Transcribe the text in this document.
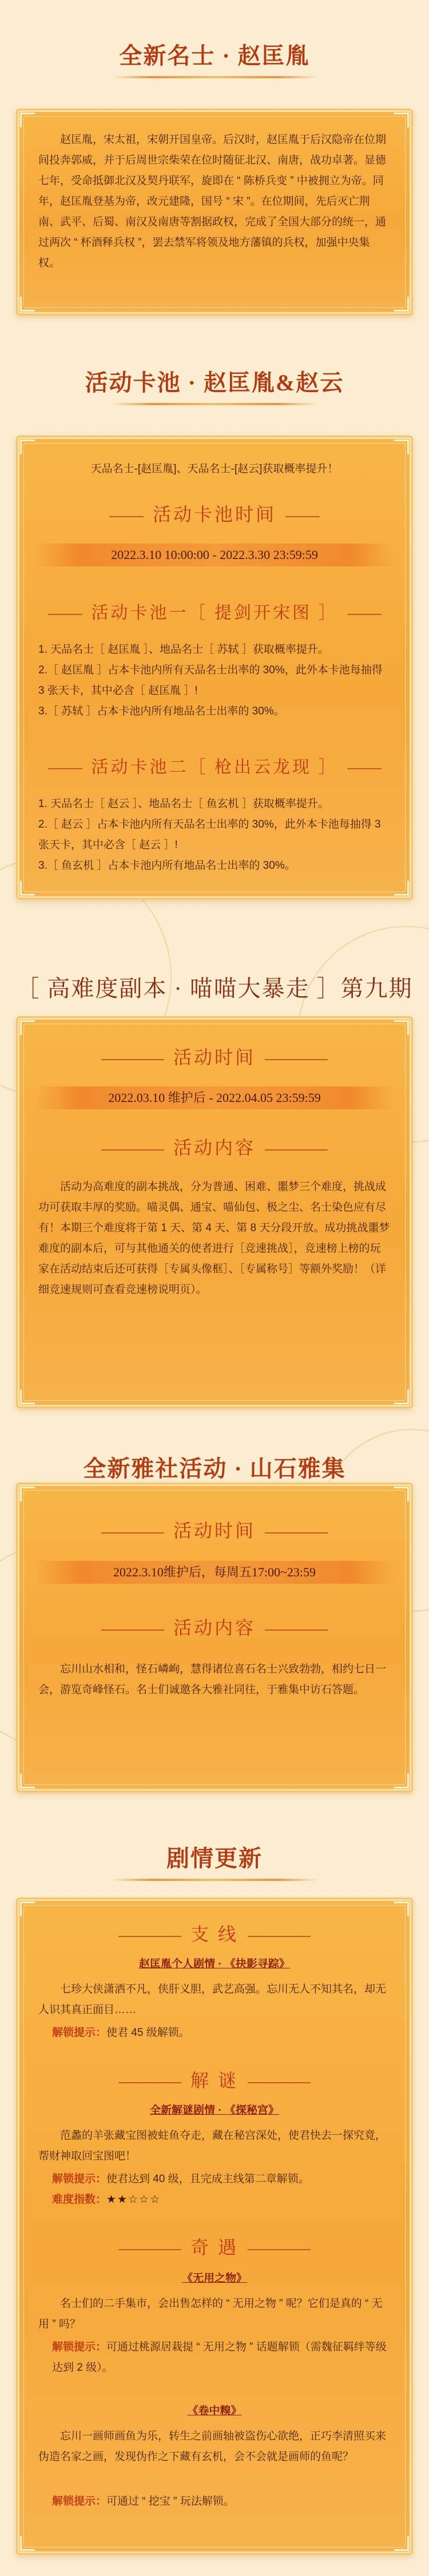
全新名士 · 赵匡胤
赵匡胤，宋太祖，宋朝开国皇帝。后汉时，赵匡胤于后汉隐帝在位期间投奔郭威，并于后周世宗柴荣在位时随征北汉、南唐，战功卓著。显德七年，受命抵御北汉及契丹联军，旋即在 “ 陈桥兵变 ” 中被拥立为帝。同年，赵匡胤登基为帝，改元建隆，国号 “ 宋 ”。在位期间，先后灭亡荆南、武平、后蜀、南汉及南唐等割据政权，完成了全国大部分的统一，通过两次 “ 杯酒释兵权 ”，罢去禁军将领及地方藩镇的兵权，加强中央集权。
活动卡池 · 赵匡胤&赵云
天品名士-[赵匡胤]、天品名士-[赵云]获取概率提升！
活动卡池时间
2022.3.10 10:00:00 - 2022.3.30 23:59:59
活动卡池一［ 提剑开宋图 ］
1. 天品名士［ 赵匡胤 ］、地品名士［ 苏轼 ］获取概率提升。
2.［ 赵匡胤 ］占本卡池内所有天品名士出率的 30%，此外本卡池每抽得 3 张天卡，其中必含［ 赵匡胤 ］!
3.［ 苏轼 ］占本卡池内所有地品名士出率的 30%。
活动卡池二［ 枪出云龙现 ］
1. 天品名士［ 赵云 ］、地品名士［ 鱼玄机 ］获取概率提升。
2.［ 赵云 ］占本卡池内所有天品名士出率的 30%，此外本卡池每抽得 3 张天卡，其中必含［ 赵云 ］!
3.［ 鱼玄机 ］占本卡池内所有地品名士出率的 30%。
［ 高难度副本 · 喵喵大暴走 ］第九期
活动时间
2022.03.10 维护后 - 2022.04.05 23:59:59
活动内容
活动为高难度的副本挑战，分为普通、困难、噩梦三个难度，挑战成功可获取丰厚的奖励。喵灵偶、通宝、喵仙包、极之尘、名士染色应有尽有！本期三个难度将于第 1 天、第 4 天、第 8 天分段开放。成功挑战噩梦难度的副本后，可与其他通关的使者进行［竞速挑战］，竞速榜上榜的玩家在活动结束后还可获得［专属头像框］、［专属称号］等额外奖励！（详细竞速规则可查看竞速榜说明页）。
全新雅社活动 · 山石雅集
活动时间
2022.3.10维护后，每周五17:00~23:59
活动内容
忘川山水相和，怪石嶙峋，慧得诸位喜石名士兴致勃勃，相约七日一会，游览奇峰怪石。名士们诚邀各大雅社同往，于雅集中访石答题。
剧情更新
支 线
赵匡胤个人剧情 · 《抉影寻踪》
七珍大侠潇洒不凡，侠肝义胆，武艺高强。忘川无人不知其名，却无人识其真正面目……
解锁提示：使君 45 级解锁。
解 谜
全新解谜剧情 · 《探秘宫》
范蠡的羊张藏宝图被蛀鱼夺走，藏在秘宫深处，使君快去一探究竟，帮财神取回宝图吧！
解锁提示：使君达到 40 级，且完成主线第二章解锁。
难度指数：★★☆☆☆
奇 遇
《无用之物》
名士们的二手集市，会出售怎样的 “ 无用之物 ” 呢？它们是真的 “ 无用 ” 吗？
解锁提示：可通过桃源居栽提 “ 无用之物 ” 话题解锁（需魏征羁绊等级达到 2 级）。
《卷中糗》
忘川一画师画鱼为乐，转生之前画轴被盗伤心欲绝，正巧李清照买来伪造名家之画，发现伪作之下藏有玄机，会不会就是画师的鱼呢？
解锁提示：可通过 “ 挖宝 ” 玩法解锁。
